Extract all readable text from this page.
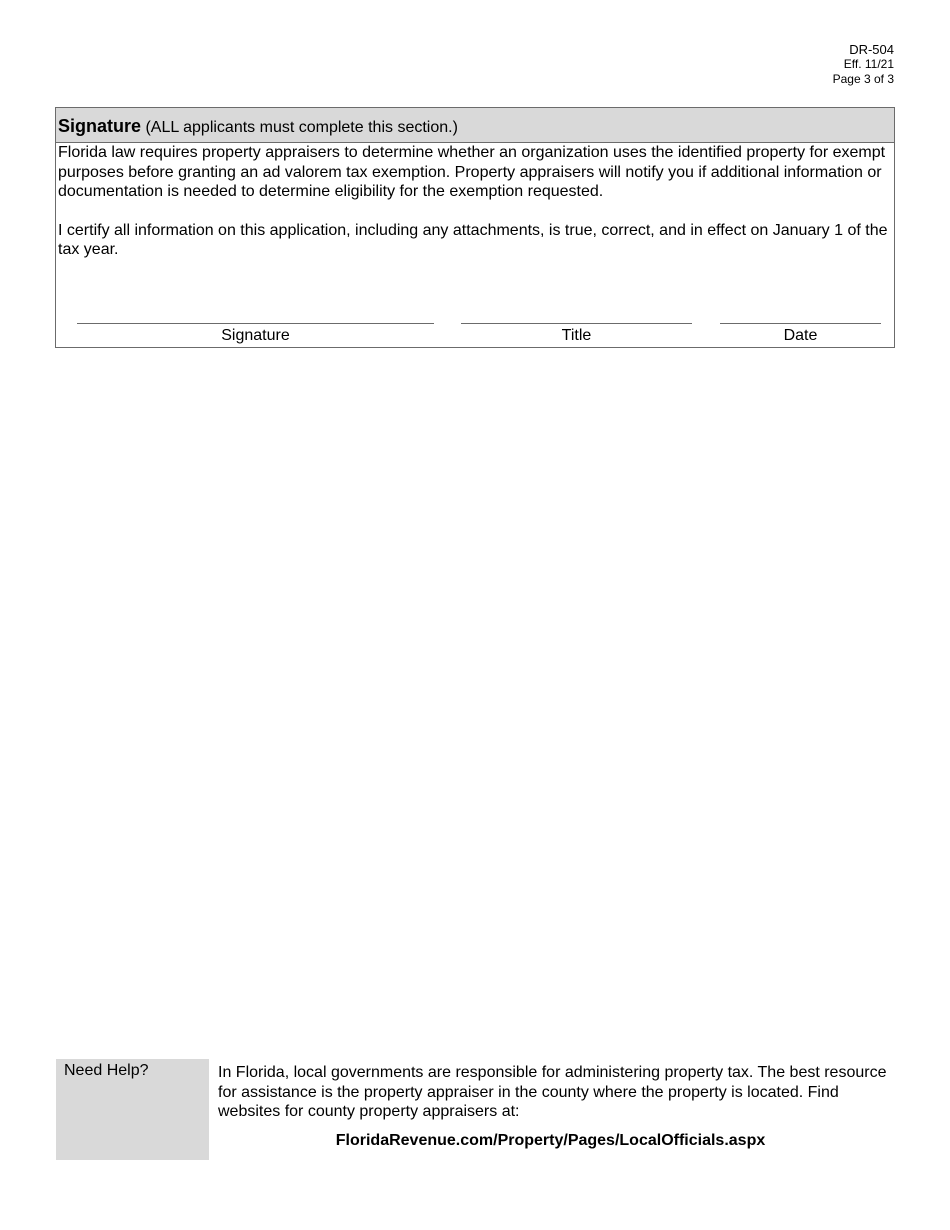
DR-504
Eff. 11/21
Page 3 of 3
Signature (ALL applicants must complete this section.)

Florida law requires property appraisers to determine whether an organization uses the identified property for exempt purposes before granting an ad valorem tax exemption. Property appraisers will notify you if additional information or documentation is needed to determine eligibility for the exemption requested.

I certify all information on this application, including any attachments, is true, correct, and in effect on January 1 of the tax year.

Signature	Title	Date
Need Help?	In Florida, local governments are responsible for administering property tax. The best resource for assistance is the property appraiser in the county where the property is located. Find websites for county property appraisers at:
FloridaRevenue.com/Property/Pages/LocalOfficials.aspx
